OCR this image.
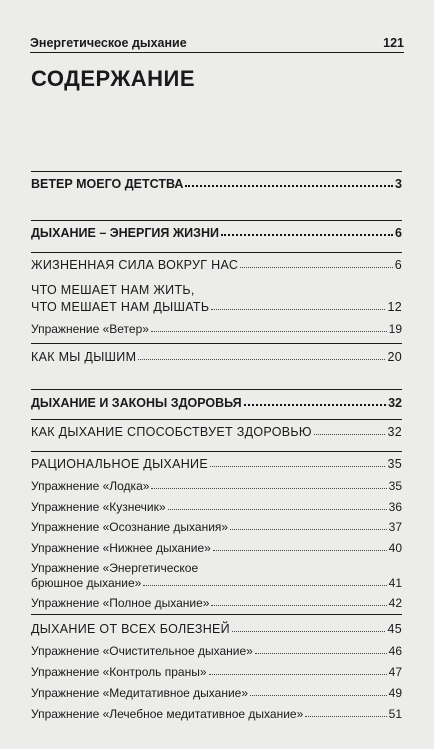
Энергетическое дыхание	121
СОДЕРЖАНИЕ
ВЕТЕР МОЕГО ДЕТСТВА	3
ДЫХАНИЕ – ЭНЕРГИЯ ЖИЗНИ	6
ЖИЗНЕННАЯ СИЛА ВОКРУГ НАС	6
ЧТО МЕШАЕТ НАМ ЖИТЬ,
ЧТО МЕШАЕТ НАМ ДЫШАТЬ	12
Упражнение «Ветер»	19
КАК МЫ ДЫШИМ	20
ДЫХАНИЕ И ЗАКОНЫ ЗДОРОВЬЯ	32
КАК ДЫХАНИЕ СПОСОБСТВУЕТ ЗДОРОВЬЮ	32
РАЦИОНАЛЬНОЕ ДЫХАНИЕ	35
Упражнение «Лодка»	35
Упражнение «Кузнечик»	36
Упражнение «Осознание дыхания»	37
Упражнение «Нижнее дыхание»	40
Упражнение «Энергетическое
брюшное дыхание»	41
Упражнение «Полное дыхание»	42
ДЫХАНИЕ ОТ ВСЕХ БОЛЕЗНЕЙ	45
Упражнение «Очистительное дыхание»	46
Упражнение «Контроль праны»	47
Упражнение «Медитативное дыхание»	49
Упражнение «Лечебное медитативное дыхание»	51
